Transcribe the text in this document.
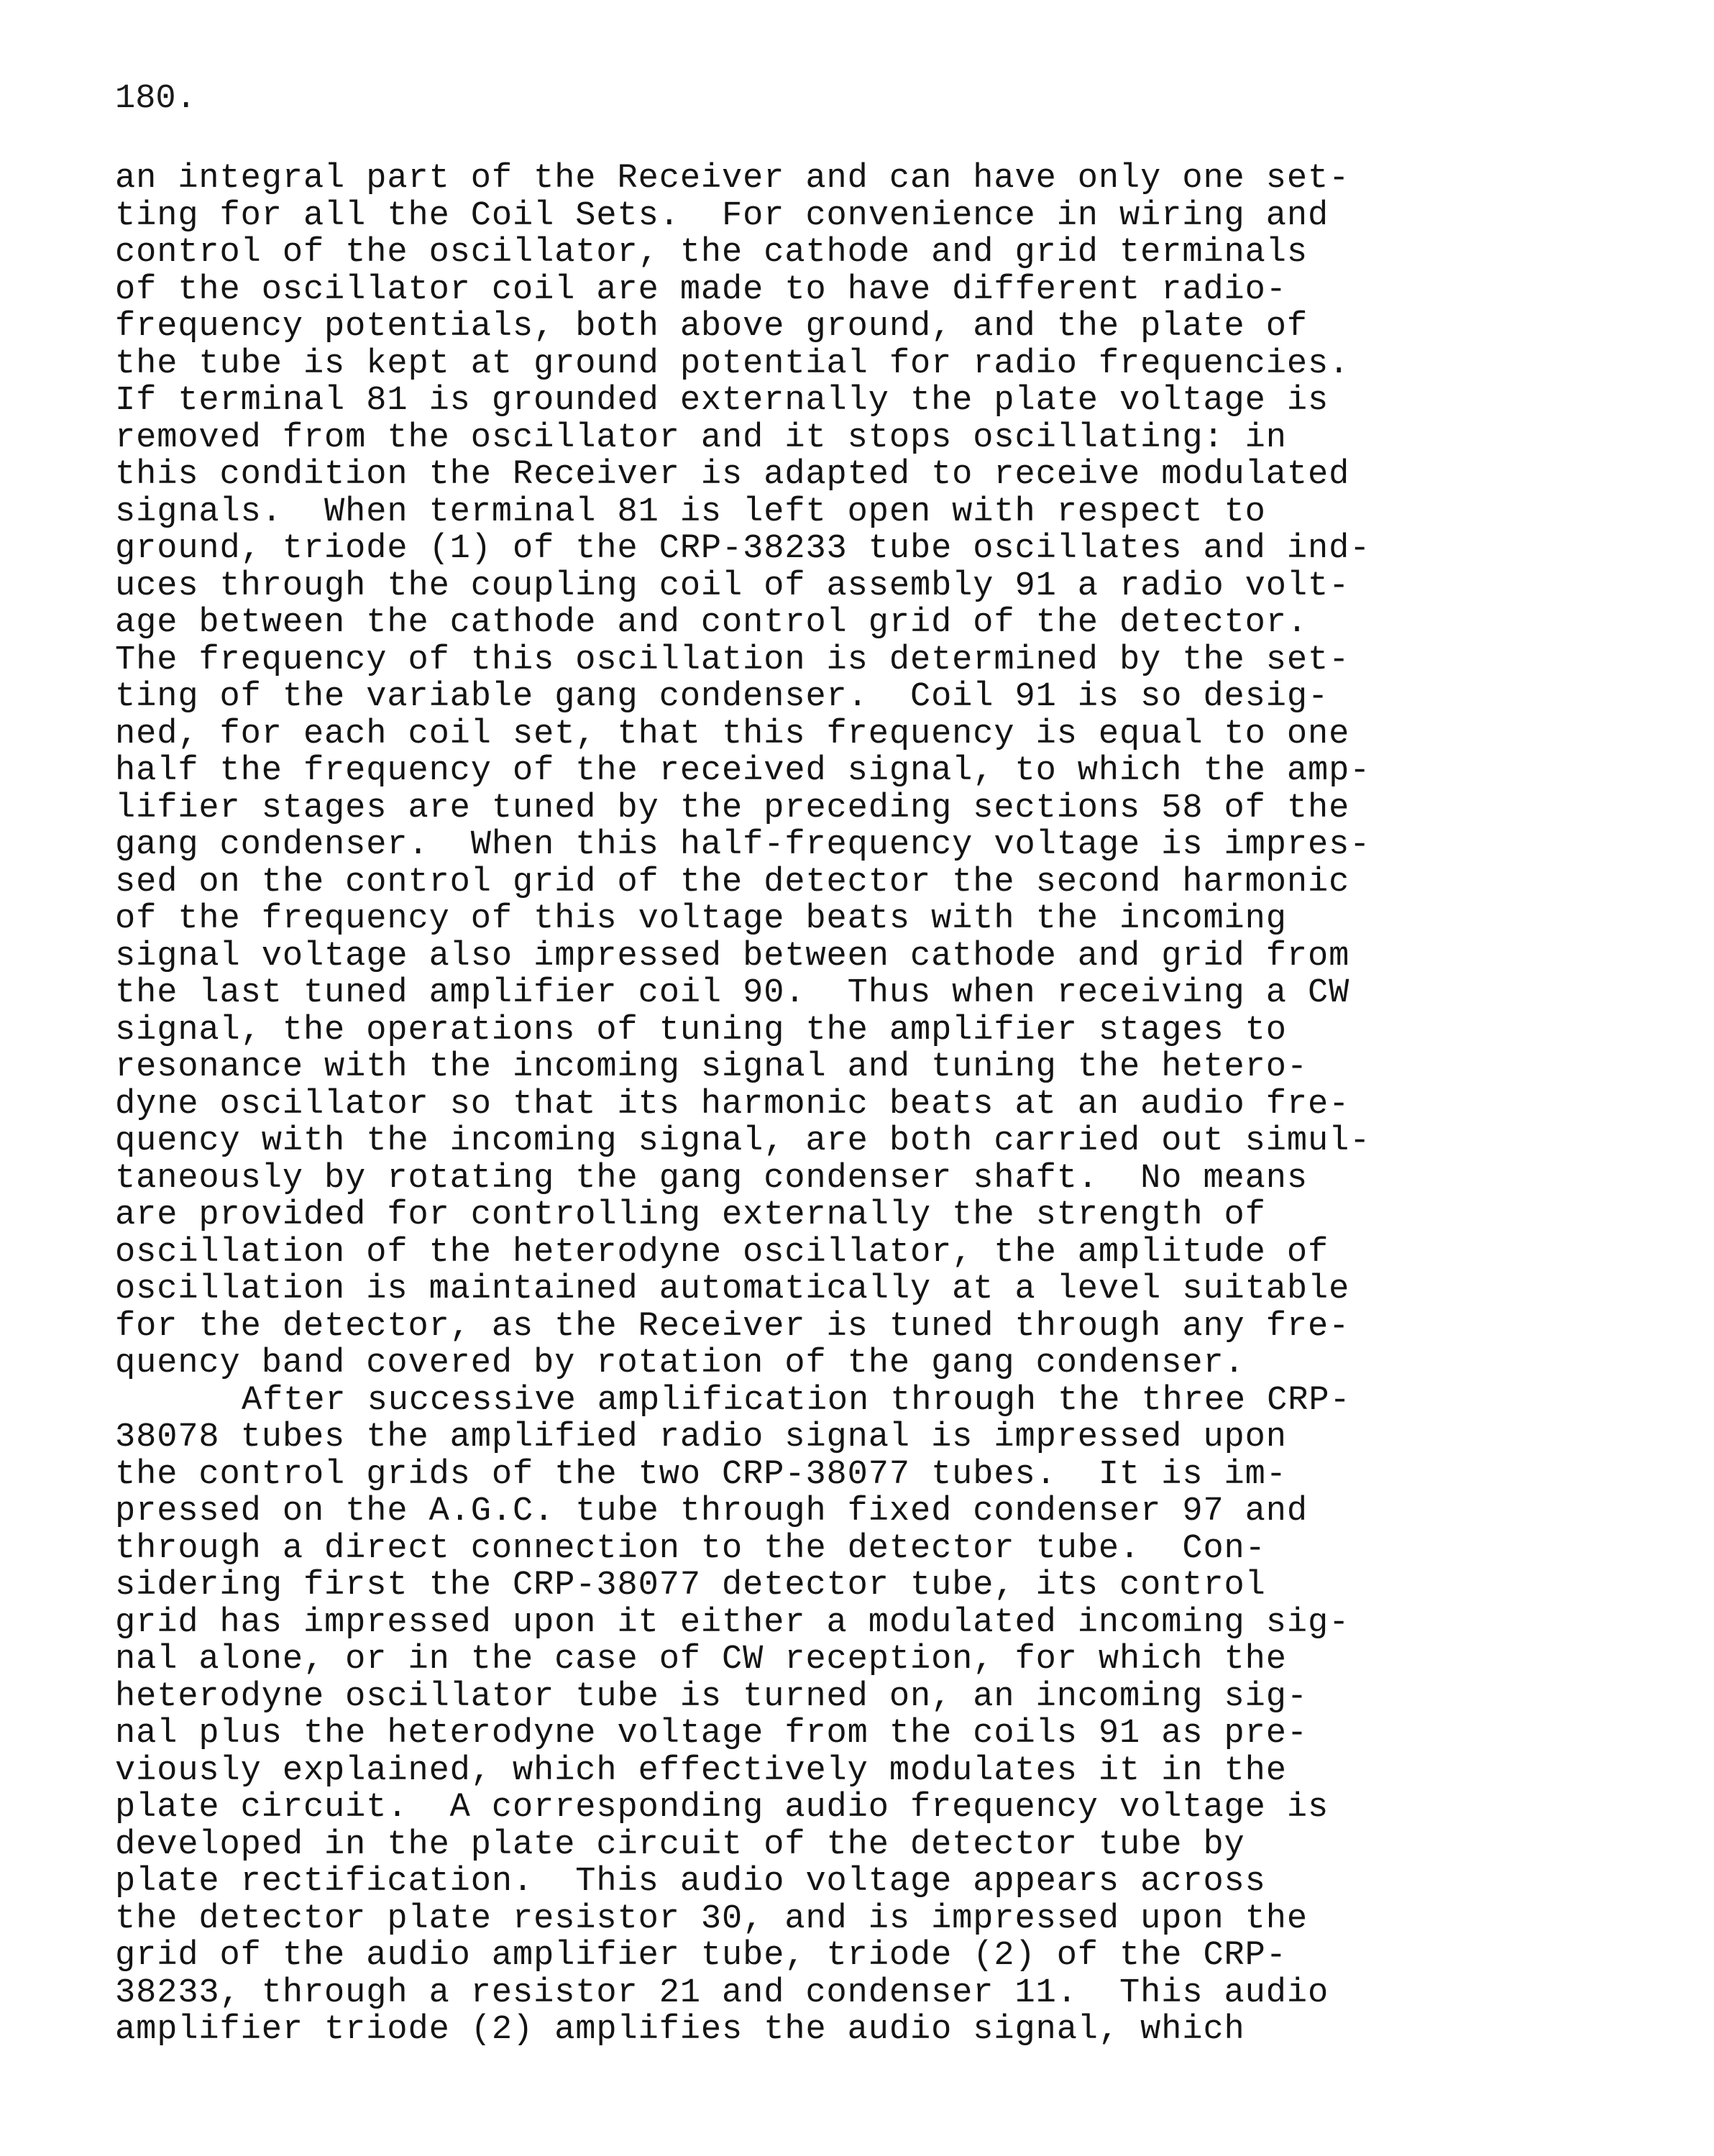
180.
an integral part of the Receiver and can have only one set-
ting for all the Coil Sets.  For convenience in wiring and
control of the oscillator, the cathode and grid terminals
of the oscillator coil are made to have different radio-
frequency potentials, both above ground, and the plate of
the tube is kept at ground potential for radio frequencies.
If terminal 81 is grounded externally the plate voltage is
removed from the oscillator and it stops oscillating: in
this condition the Receiver is adapted to receive modulated
signals.  When terminal 81 is left open with respect to
ground, triode (1) of the CRP-38233 tube oscillates and ind-
uces through the coupling coil of assembly 91 a radio volt-
age between the cathode and control grid of the detector.
The frequency of this oscillation is determined by the set-
ting of the variable gang condenser.  Coil 91 is so desig-
ned, for each coil set, that this frequency is equal to one
half the frequency of the received signal, to which the amp-
lifier stages are tuned by the preceding sections 58 of the
gang condenser.  When this half-frequency voltage is impres-
sed on the control grid of the detector the second harmonic
of the frequency of this voltage beats with the incoming
signal voltage also impressed between cathode and grid from
the last tuned amplifier coil 90.  Thus when receiving a CW
signal, the operations of tuning the amplifier stages to
resonance with the incoming signal and tuning the hetero-
dyne oscillator so that its harmonic beats at an audio fre-
quency with the incoming signal, are both carried out simul-
taneously by rotating the gang condenser shaft.  No means
are provided for controlling externally the strength of
oscillation of the heterodyne oscillator, the amplitude of
oscillation is maintained automatically at a level suitable
for the detector, as the Receiver is tuned through any fre-
quency band covered by rotation of the gang condenser.
After successive amplification through the three CRP-
38078 tubes the amplified radio signal is impressed upon
the control grids of the two CRP-38077 tubes.  It is im-
pressed on the A.G.C. tube through fixed condenser 97 and
through a direct connection to the detector tube.  Con-
sidering first the CRP-38077 detector tube, its control
grid has impressed upon it either a modulated incoming sig-
nal alone, or in the case of CW reception, for which the
heterodyne oscillator tube is turned on, an incoming sig-
nal plus the heterodyne voltage from the coils 91 as pre-
viously explained, which effectively modulates it in the
plate circuit.  A corresponding audio frequency voltage is
developed in the plate circuit of the detector tube by
plate rectification.  This audio voltage appears across
the detector plate resistor 30, and is impressed upon the
grid of the audio amplifier tube, triode (2) of the CRP-
38233, through a resistor 21 and condenser 11.  This audio
amplifier triode (2) amplifies the audio signal, which
